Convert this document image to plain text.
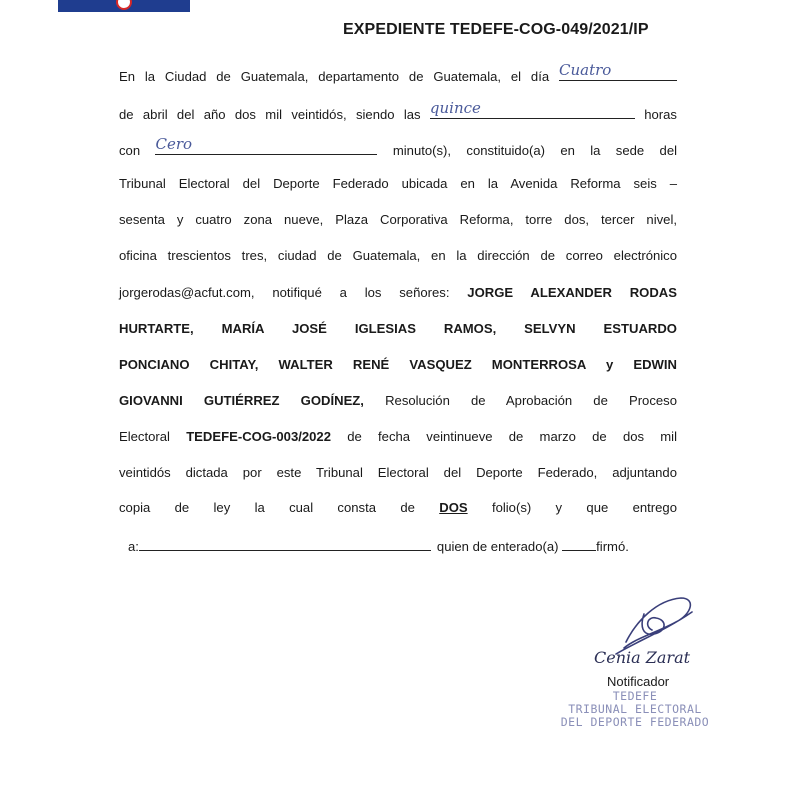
EXPEDIENTE TEDEFE-COG-049/2021/IP
En la Ciudad de Guatemala, departamento de Guatemala, el día Cuatro
de abril del año dos mil veintidós, siendo las quince	horas
con Cero	minuto(s), constituido(a) en la sede del
Tribunal Electoral del Deporte Federado ubicada en la Avenida Reforma seis –
sesenta y cuatro zona nueve, Plaza Corporativa Reforma, torre dos, tercer nivel,
oficina trescientos tres, ciudad de Guatemala, en la dirección de correo electrónico
jorgerodas@acfut.com, notifiqué a los señores: JORGE ALEXANDER RODAS
HURTARTE, MARÍA JOSÉ IGLESIAS RAMOS, SELVYN ESTUARDO
PONCIANO CHITAY, WALTER RENÉ VASQUEZ MONTERROSA y EDWIN
GIOVANNI GUTIÉRREZ GODÍNEZ, Resolución de Aprobación de Proceso
Electoral TEDEFE-COG-003/2022 de fecha veintinueve de marzo de dos mil
veintidós dictada por este Tribunal Electoral del Deporte Federado, adjuntando
copia de ley la cual consta de DOS folio(s) y que entrego
a:	quien de enterado(a)	firmó.
Cenia Zarat
Notificador
TEDEFE
TRIBUNAL ELECTORAL
DEL DEPORTE FEDERADO
